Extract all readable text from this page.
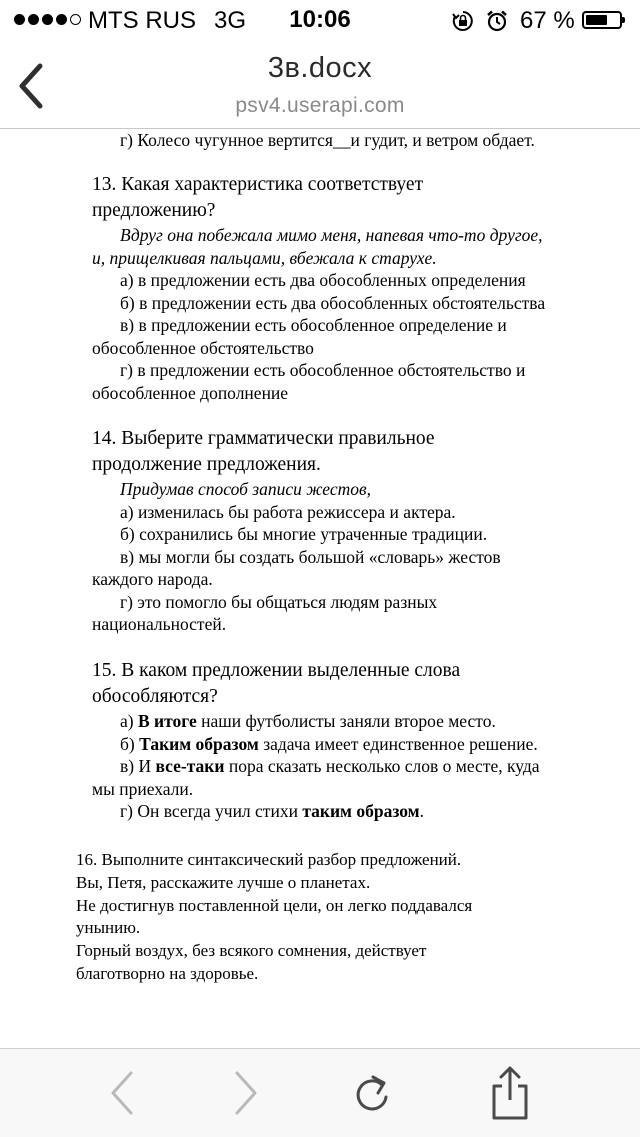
MTS RUS 3G	10:06	67 %
3в.docx
psv4.userapi.com

г) Колесо чугунное вертится__и гудит, и ветром обдает.

13. Какая характеристика соответствует

предложению?

Вдруг она побежала мимо меня, напевая что-то другое,

и, прищелкивая пальцами, вбежала к старухе.

а) в предложении есть два обособленных определения

б) в предложении есть два обособленных обстоятельства

в) в предложении есть обособленное определение и

обособленное обстоятельство

г) в предложении есть обособленное обстоятельство и

обособленное дополнение

14. Выберите грамматически правильное

продолжение предложения.

Придумав способ записи жестов,

а) изменилась бы работа режиссера и актера.

б) сохранились бы многие утраченные традиции.

в) мы могли бы создать большой «словарь» жестов

каждого народа.

г) это помогло бы общаться людям разных

национальностей.

15. В каком предложении выделенные слова

обособляются?

а) В итоге наши футболисты заняли второе место.

б) Таким образом задача имеет единственное решение.

в) И все-таки пора сказать несколько слов о месте, куда

мы приехали.

г) Он всегда учил стихи таким образом.

16. Выполните синтаксический разбор предложений.

Вы, Петя, расскажите лучше о планетах.

Не достигнув поставленной цели, он легко поддавался

унынию.

Горный воздух, без всякого сомнения, действует

благотворно на здоровье.
